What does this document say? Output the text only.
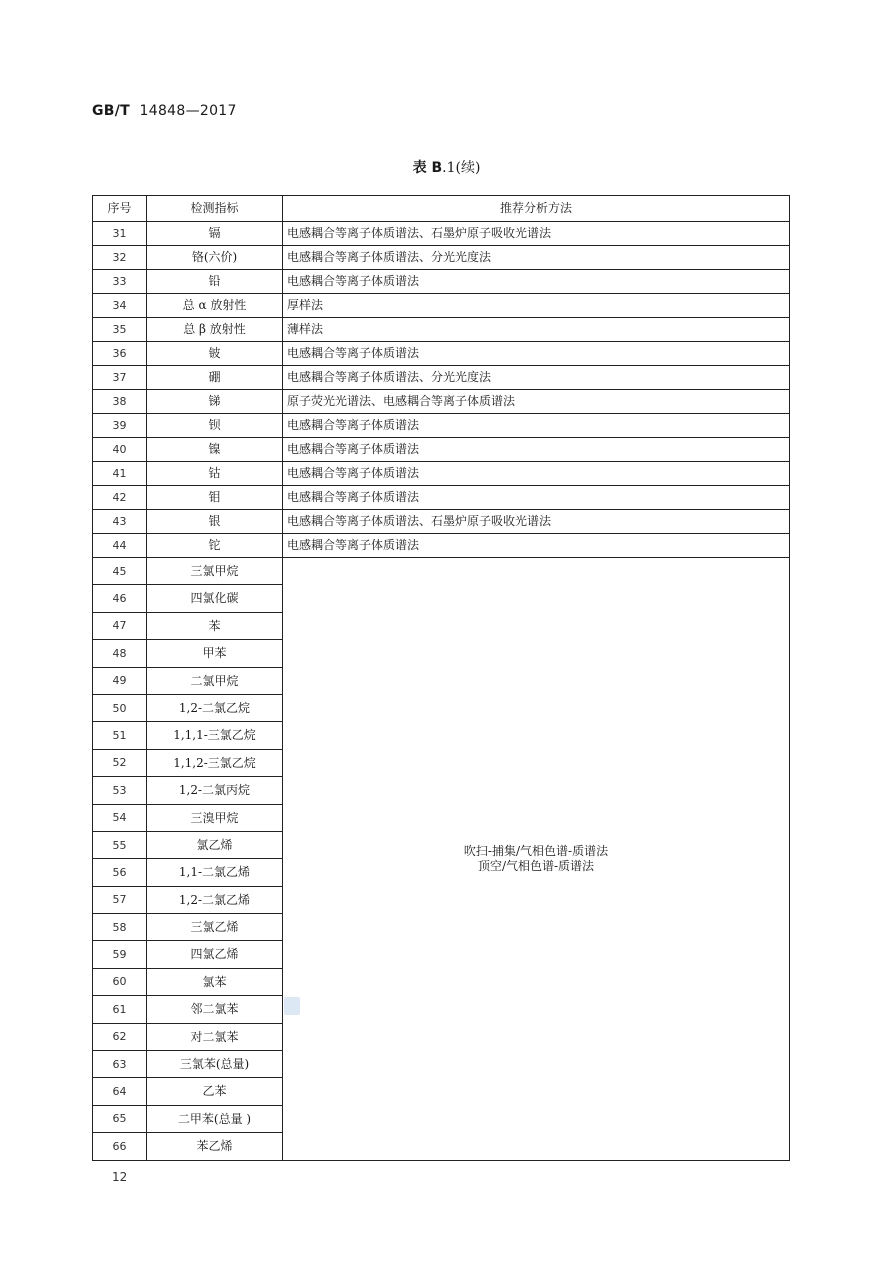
GB/T 14848—2017
表 B.1(续)
序号	检测指标	推荐分析方法
31	镉	电感耦合等离子体质谱法、石墨炉原子吸收光谱法
32	铬(六价)	电感耦合等离子体质谱法、分光光度法
33	铅	电感耦合等离子体质谱法
34	总 α 放射性	厚样法
35	总 β 放射性	薄样法
36	铍	电感耦合等离子体质谱法
37	硼	电感耦合等离子体质谱法、分光光度法
38	锑	原子荧光光谱法、电感耦合等离子体质谱法
39	钡	电感耦合等离子体质谱法
40	镍	电感耦合等离子体质谱法
41	钴	电感耦合等离子体质谱法
42	钼	电感耦合等离子体质谱法
43	银	电感耦合等离子体质谱法、石墨炉原子吸收光谱法
44	铊	电感耦合等离子体质谱法
45	三氯甲烷	吹扫-捕集/气相色谱-质谱法
顶空/气相色谱-质谱法

46	四氯化碳	
47	苯	
48	甲苯	
49	二氯甲烷	
50	1,2-二氯乙烷	
51	1,1,1-三氯乙烷	
52	1,1,2-三氯乙烷	
53	1,2-二氯丙烷	
54	三溴甲烷	
55	氯乙烯	
56	1,1-二氯乙烯	
57	1,2-二氯乙烯	
58	三氯乙烯	
59	四氯乙烯	
60	氯苯	
61	邻二氯苯	
62	对二氯苯	
63	三氯苯(总量)	
64	乙苯	
65	二甲苯(总量 )	
66	苯乙烯	
12
